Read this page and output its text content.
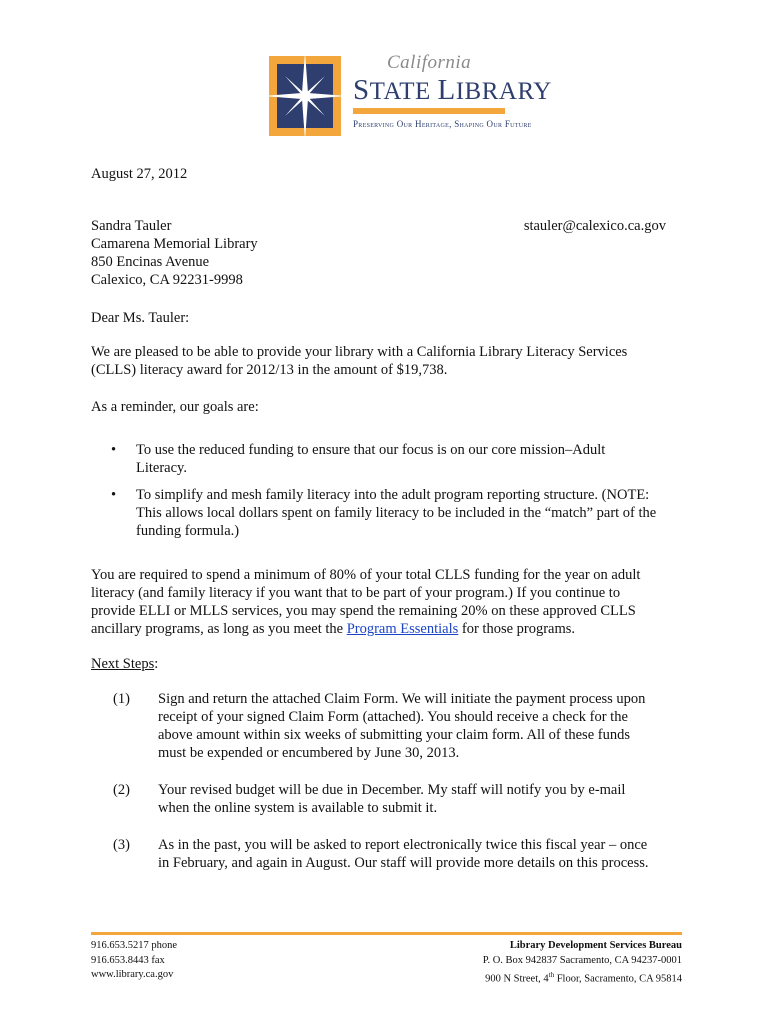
California
STATE LIBRARY
Preserving Our Heritage, Shaping Our Future
August 27, 2012
Sandra Tauler
Camarena Memorial Library
850 Encinas Avenue
Calexico, CA 92231-9998
stauler@calexico.ca.gov
Dear Ms. Tauler:
We are pleased to be able to provide your library with a California Library Literacy Services
(CLLS) literacy award for 2012/13 in the amount of $19,738.
As a reminder, our goals are:
• To use the reduced funding to ensure that our focus is on our core mission–Adult
Literacy.
• To simplify and mesh family literacy into the adult program reporting structure. (NOTE:
This allows local dollars spent on family literacy to be included in the “match” part of the
funding formula.)
You are required to spend a minimum of 80% of your total CLLS funding for the year on adult
literacy (and family literacy if you want that to be part of your program.) If you continue to
provide ELLI or MLLS services, you may spend the remaining 20% on these approved CLLS
ancillary programs, as long as you meet the Program Essentials for those programs.
Next Steps:
(1) Sign and return the attached Claim Form. We will initiate the payment process upon
receipt of your signed Claim Form (attached). You should receive a check for the
above amount within six weeks of submitting your claim form. All of these funds
must be expended or encumbered by June 30, 2013.
(2) Your revised budget will be due in December. My staff will notify you by e-mail
when the online system is available to submit it.
(3) As in the past, you will be asked to report electronically twice this fiscal year – once
in February, and again in August. Our staff will provide more details on this process.
916.653.5217 phone
916.653.8443 fax
www.library.ca.gov
Library Development Services Bureau
P. O. Box 942837 Sacramento, CA 94237-0001
900 N Street, 4th Floor, Sacramento, CA 95814
